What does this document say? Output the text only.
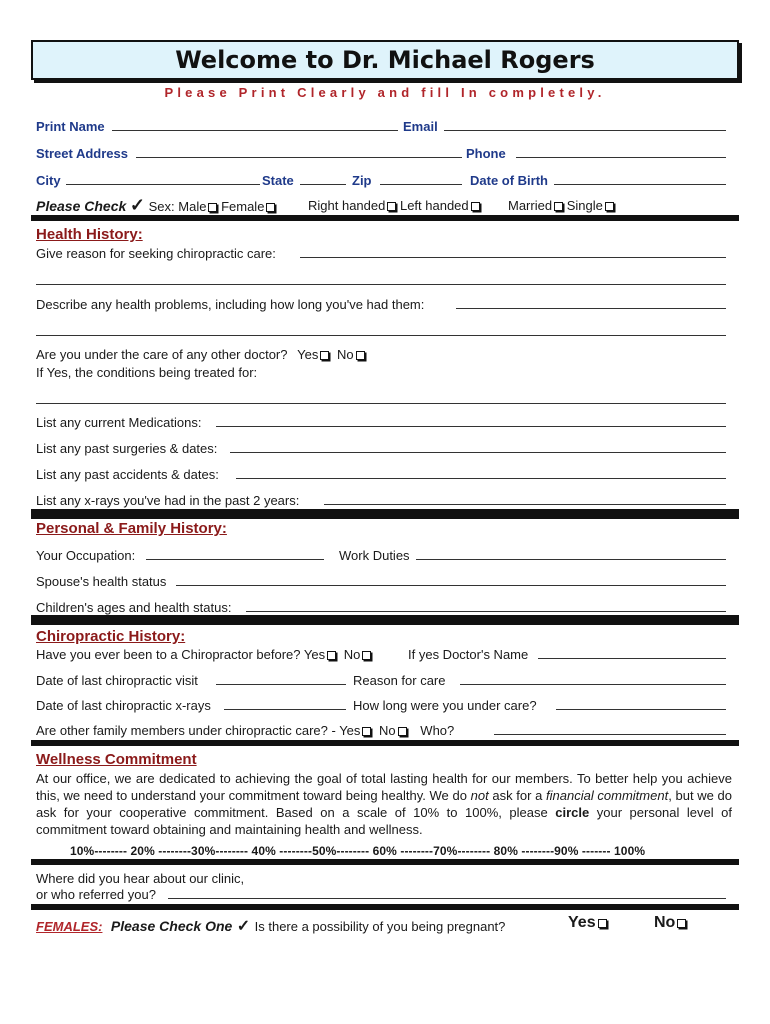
Welcome to Dr. Michael Rogers
Please Print Clearly and fill In completely.
Print Name	Email
Street Address	Phone
City	State	Zip	Date of Birth
Please Check ✓ Sex: Male Female	Right handed Left handed	Married Single
Health History:
Give reason for seeking chiropractic care:
Describe any health problems, including how long you've had them:
Are you under the care of any other doctor? Yes No
If Yes, the conditions being treated for:
List any current Medications:
List any past surgeries & dates:
List any past accidents & dates:
List any x-rays you've had in the past 2 years:
Personal & Family History:
Your Occupation:	Work Duties
Spouse's health status
Children's ages and health status:
Chiropractic History:
Have you ever been to a Chiropractor before? Yes No	If yes Doctor's Name
Date of last chiropractic visit	Reason for care
Date of last chiropractic x-rays	How long were you under care?
Are other family members under chiropractic care? - Yes No Who?
Wellness Commitment
At our office, we are dedicated to achieving the goal of total lasting health for our members. To better help you achieve this, we need to understand your commitment toward being healthy. We do not ask for a financial commitment, but we do ask for your cooperative commitment. Based on a scale of 10% to 100%, please circle your personal level of commitment toward obtaining and maintaining health and wellness.
10%-------- 20% --------30%-------- 40% --------50%-------- 60% --------70%-------- 80% --------90% ------- 100%
Where did you hear about our clinic,
or who referred you?
FEMALES: Please Check One ✓ Is there a possibility of you being pregnant?	Yes	No
